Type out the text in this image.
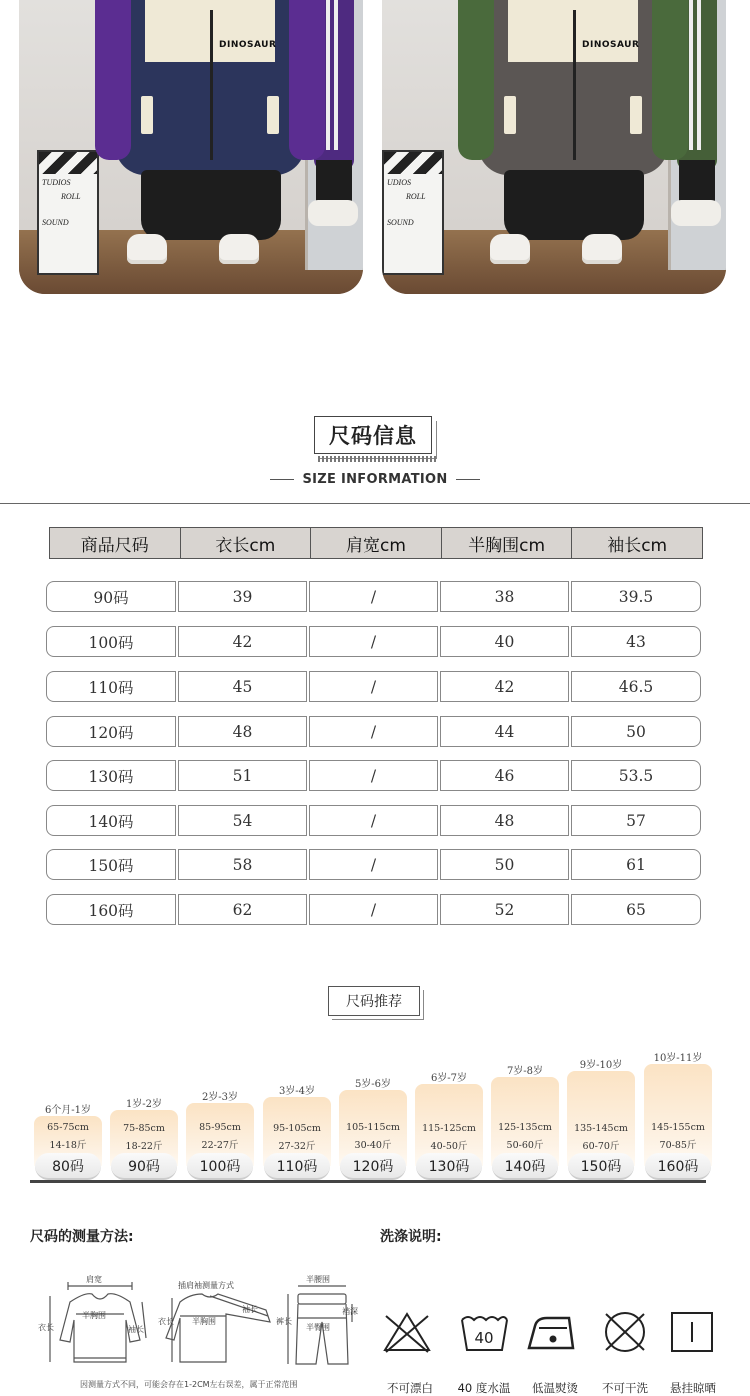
TUDIOS
ROLL
SOUND
DINOSAUR
UDIOS
ROLL
SOUND
DINOSAUR
尺码信息
SIZE INFORMATION
商品尺码	衣长cm	肩宽cm	半胸围cm	袖长cm
90码	39	/	38	39.5
100码	42	/	40	43
110码	45	/	42	46.5
120码	48	/	44	50
130码	51	/	46	53.5
140码	54	/	48	57
150码	58	/	50	61
160码	62	/	52	65
尺码推荐
6个月-1岁
65-75cm
14-18斤
80码
1岁-2岁
75-85cm
18-22斤
90码
2岁-3岁
85-95cm
22-27斤
100码
3岁-4岁
95-105cm
27-32斤
110码
5岁-6岁
105-115cm
30-40斤
120码
6岁-7岁
115-125cm
40-50斤
130码
7岁-8岁
125-135cm
50-60斤
140码
9岁-10岁
135-145cm
60-70斤
150码
10岁-11岁
145-155cm
70-85斤
160码
尺码的测量方法:
肩宽
半胸围
衣长	袖长
插肩袖测量方式
半胸围
衣长
袖长
半腰围
裆深
裤长
半臀围
因测量方式不同，可能会存在1-2CM左右误差，属于正常范围
洗涤说明:
40
不可漂白	40 度水温	低温熨烫	不可干洗	悬挂晾晒
